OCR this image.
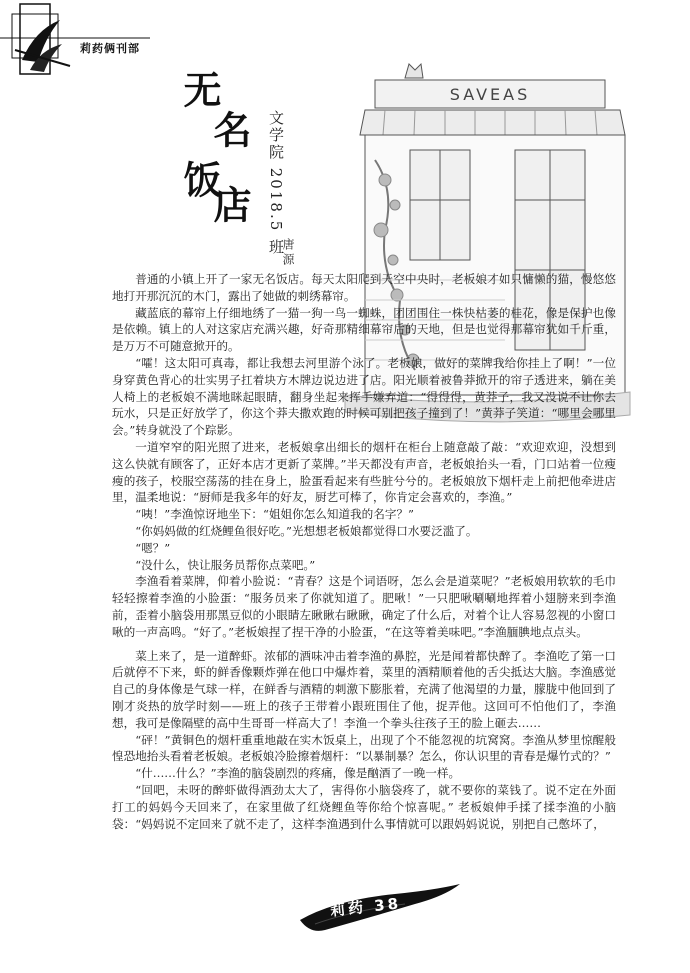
莉药俩刊部
SAVEAS
无
名
饭
店 文学院 2018.5 班
唐源

普通的小镇上开了一家无名饭店。每天太阳爬到天空中央时，老板娘才如只慵懒的猫，慢悠悠地打开那沉沉的木门，露出了她做的刺绣幕帘。

藏蓝底的幕帘上仔细地绣了一猫一狗一鸟一蜘蛛，团团围住一株快枯萎的桂花，像是保护也像是依赖。镇上的人对这家店充满兴趣，好奇那精细幕帘后的天地，但是也觉得那幕帘犹如千斤重，是万万不可随意掀开的。

“嚯！这太阳可真毒，都让我想去河里游个泳了。老板娘，做好的菜牌我给你挂上了啊！”一位身穿黄色背心的壮实男子扛着块方木牌边说边进了店。阳光顺着被鲁莽掀开的帘子透进来，躺在美人椅上的老板娘不满地眯起眼睛，翻身坐起来挥手嫌弃道：“得得得，黄莽子，我又没说不让你去玩水，只是正好放学了，你这个莽夫撒欢跑的时候可别把孩子撞到了！”黄莽子笑道：“哪里会哪里会。”转身就没了个踪影。

一道窄窄的阳光照了进来，老板娘拿出细长的烟杆在柜台上随意敲了敲：“欢迎欢迎，没想到这么快就有顾客了，正好本店才更新了菜牌。”半天都没有声音，老板娘抬头一看，门口站着一位瘦瘦的孩子，校服空荡荡的挂在身上，脸蛋看起来有些脏兮兮的。老板娘放下烟杆走上前把他牵进店里，温柔地说：“厨师是我多年的好友，厨艺可棒了，你肯定会喜欢的，李渔。”

“咦！”李渔惊讶地坐下：“姐姐你怎么知道我的名字？”

“你妈妈做的红烧鲤鱼很好吃。”光想想老板娘都觉得口水要泛滥了。

“嗯？”

“没什么，快让服务员帮你点菜吧。”

李渔看着菜牌，仰着小脸说：“青春？这是个词语呀，怎么会是道菜呢？”老板娘用软软的毛巾轻轻擦着李渔的小脸蛋：“服务员来了你就知道了。肥啾！”一只肥啾唰唰地挥着小翅膀来到李渔前，歪着小脑袋用那黑豆似的小眼睛左瞅瞅右瞅瞅，确定了什么后，对着个让人容易忽视的小窗口啾的一声高鸣。“好了。”老板娘捏了捏干净的小脸蛋，“在这等着美味吧。”李渔腼腆地点点头。

菜上来了，是一道醉虾。浓郁的酒味冲击着李渔的鼻腔，光是闻着都快醉了。李渔吃了第一口后就停不下来，虾的鲜香像颗炸弹在他口中爆炸着，菜里的酒精顺着他的舌尖抵达大脑。李渔感觉自己的身体像是气球一样，在鲜香与酒精的刺激下膨胀着，充满了他渴望的力量，朦胧中他回到了刚才炎热的放学时刻——班上的孩子王带着小跟班围住了他，捉弄他。这回可不怕他们了，李渔想，我可是像隔壁的高中生哥哥一样高大了！李渔一个拳头往孩子王的脸上砸去……

“砰！”黄铜色的烟杆重重地敲在实木饭桌上，出现了个不能忽视的坑窝窝。李渔从梦里惊醒般惶恐地抬头看着老板娘。老板娘冷脸擦着烟杆：“以暴制暴？怎么，你认识里的青春是爆竹式的？”

“什……什么？”李渔的脑袋剧烈的疼痛，像是酗酒了一晚一样。

“回吧，未呀的醉虾做得酒劲太大了，害得你小脑袋疼了，就不要你的菜钱了。说不定在外面打工的妈妈今天回来了，在家里做了红烧鲤鱼等你给个惊喜呢。” 老板娘伸手揉了揉李渔的小脑袋：“妈妈说不定回来了就不走了，这样李渔遇到什么事情就可以跟妈妈说说，别把自己憋坏了，

莉药 38
